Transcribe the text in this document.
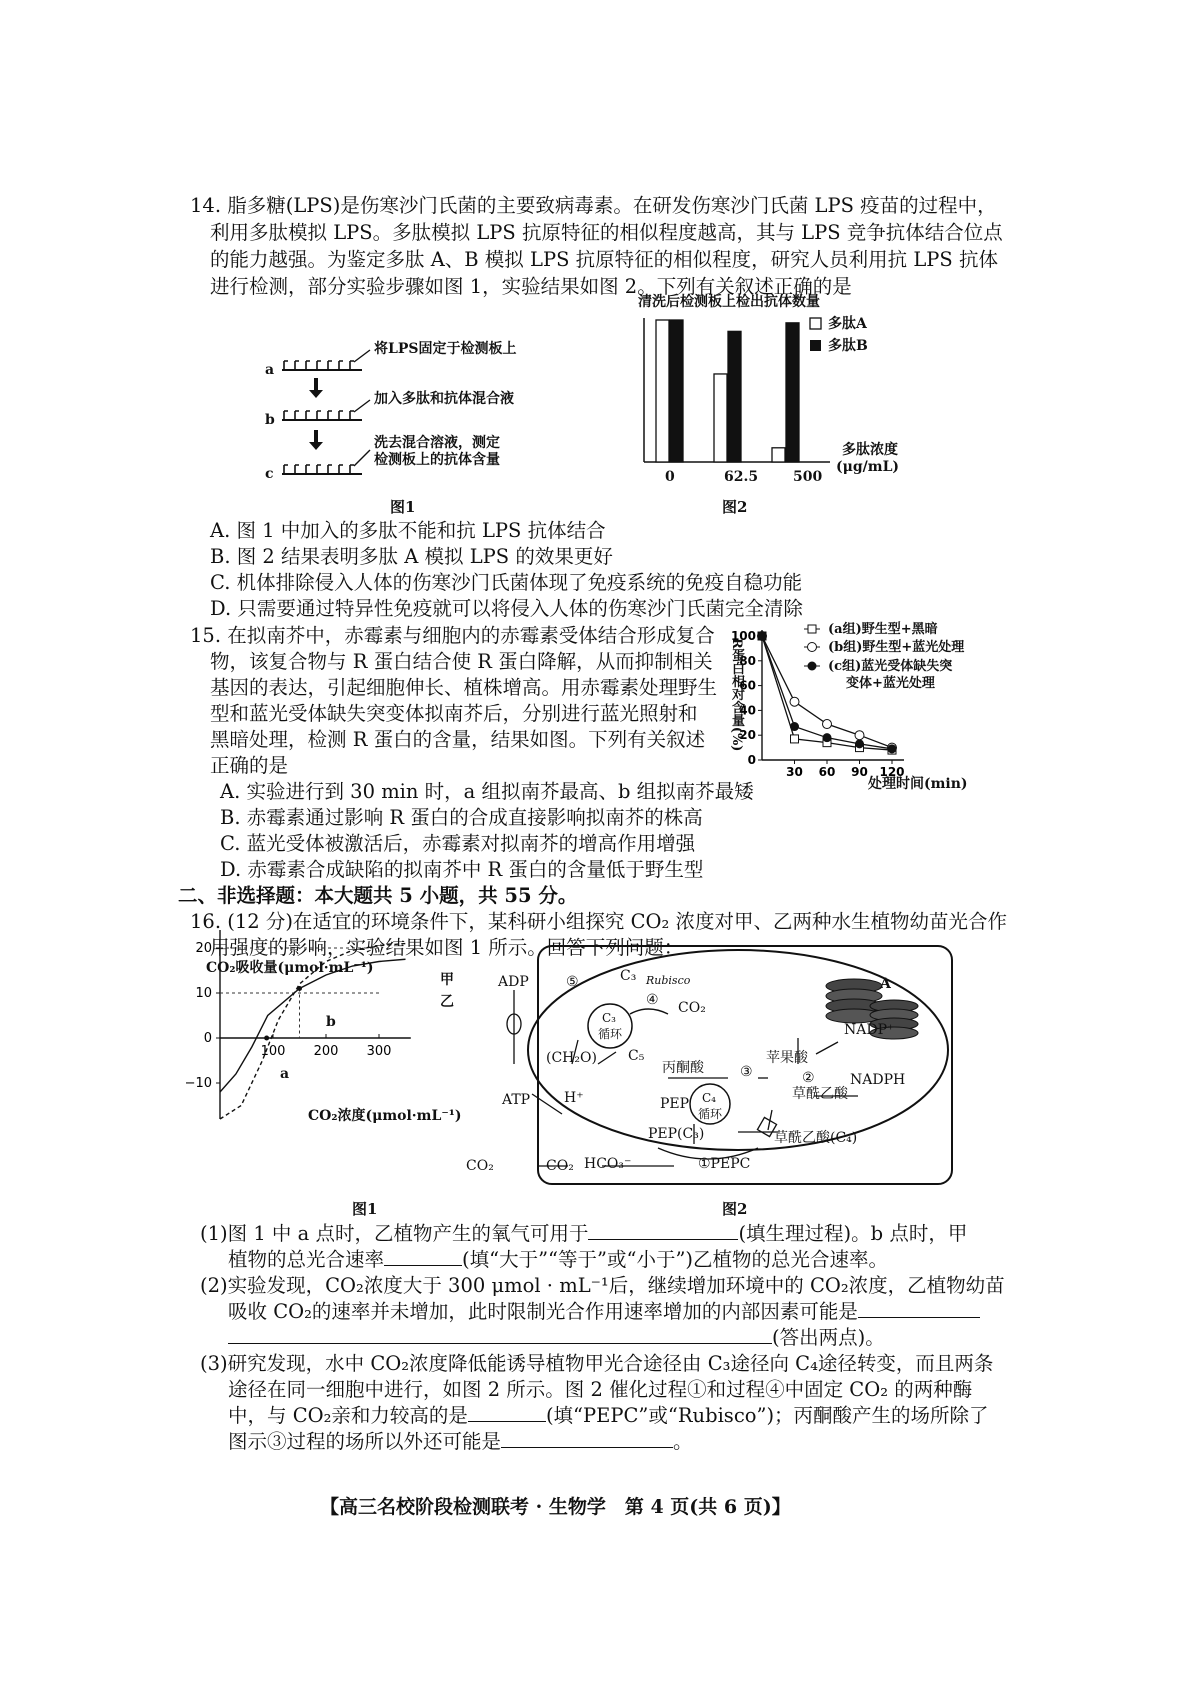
14. 脂多糖(LPS)是伤寒沙门氏菌的主要致病毒素。在研发伤寒沙门氏菌 LPS 疫苗的过程中，
利用多肽模拟 LPS。多肽模拟 LPS 抗原特征的相似程度越高，其与 LPS 竞争抗体结合位点
的能力越强。为鉴定多肽 A、B 模拟 LPS 抗原特征的相似程度，研究人员利用抗 LPS 抗体
进行检测，部分实验步骤如图 1，实验结果如图 2。下列有关叙述正确的是
a
b
c
将LPS固定于检测板上
加入多肽和抗体混合液
洗去混合溶液，测定
检测板上的抗体含量
图1
清洗后检测板上检出抗体数量
多肽A
多肽B
多肽浓度
(μg/mL)
0	62.5 500
图2
A. 图 1 中加入的多肽不能和抗 LPS 抗体结合
B. 图 2 结果表明多肽 A 模拟 LPS 的效果更好
C. 机体排除侵入人体的伤寒沙门氏菌体现了免疫系统的免疫自稳功能
D. 只需要通过特异性免疫就可以将侵入人体的伤寒沙门氏菌完全清除
15. 在拟南芥中，赤霉素与细胞内的赤霉素受体结合形成复合
物，该复合物与 R 蛋白结合使 R 蛋白降解，从而抑制相关
基因的表达，引起细胞伸长、植株增高。用赤霉素处理野生
型和蓝光受体缺失突变体拟南芥后，分别进行蓝光照射和
黑暗处理，检测 R 蛋白的含量，结果如图。下列有关叙述
正确的是
A. 实验进行到 30 min 时，a 组拟南芥最高、b 组拟南芥最矮
B. 赤霉素通过影响 R 蛋白的合成直接影响拟南芥的株高
C. 蓝光受体被激活后，赤霉素对拟南芥的增高作用增强
D. 赤霉素合成缺陷的拟南芥中 R 蛋白的含量低于野生型
0
20
40
60
80
100
30 60 90 120
R蛋白相对含量(%)
处理时间(min)
(a组)野生型+黑暗
(b组)野生型+蓝光处理
(c组)蓝光受体缺失突
变体+蓝光处理
二、非选择题：本大题共 5 小题，共 55 分。
16. (12 分)在适宜的环境条件下，某科研小组探究 CO₂ 浓度对甲、乙两种水生植物幼苗光合作
用强度的影响，实验结果如图 1 所示。回答下列问题：
−10
0
10
20
100 200 300
CO₂吸收量(μmol·mL⁻¹)
CO₂浓度(μmol·mL⁻¹)
甲
乙
a
b
图1
⑤	C₃ Rubisco
C₃
循环
④ CO₂
(CH₂O) C₅
丙酮酸	③
苹果酸
NADP⁺
②	NADPH
草酰乙酸
PEP C₄
循环
ADP
ATP H⁺
PEP(C₃)	草酰乙酸(C₄)
CO₂	CO₂ HCO₃⁻	①PEPC
A
图2
(1)图 1 中 a 点时，乙植物产生的氧气可用于	(填生理过程)。b 点时，甲
植物的总光合速率	(填“大于”“等于”或“小于”)乙植物的总光合速率。
(2)实验发现，CO₂浓度大于 300 μmol · mL⁻¹后，继续增加环境中的 CO₂浓度，乙植物幼苗
吸收 CO₂的速率并未增加，此时限制光合作用速率增加的内部因素可能是
(答出两点)。
(3)研究发现，水中 CO₂浓度降低能诱导植物甲光合途径由 C₃途径向 C₄途径转变，而且两条
途径在同一细胞中进行，如图 2 所示。图 2 催化过程①和过程④中固定 CO₂ 的两种酶
中，与 CO₂亲和力较高的是	(填“PEPC”或“Rubisco”)；丙酮酸产生的场所除了
图示③过程的场所以外还可能是	。
【高三名校阶段检测联考 · 生物学　第 4 页(共 6 页)】
